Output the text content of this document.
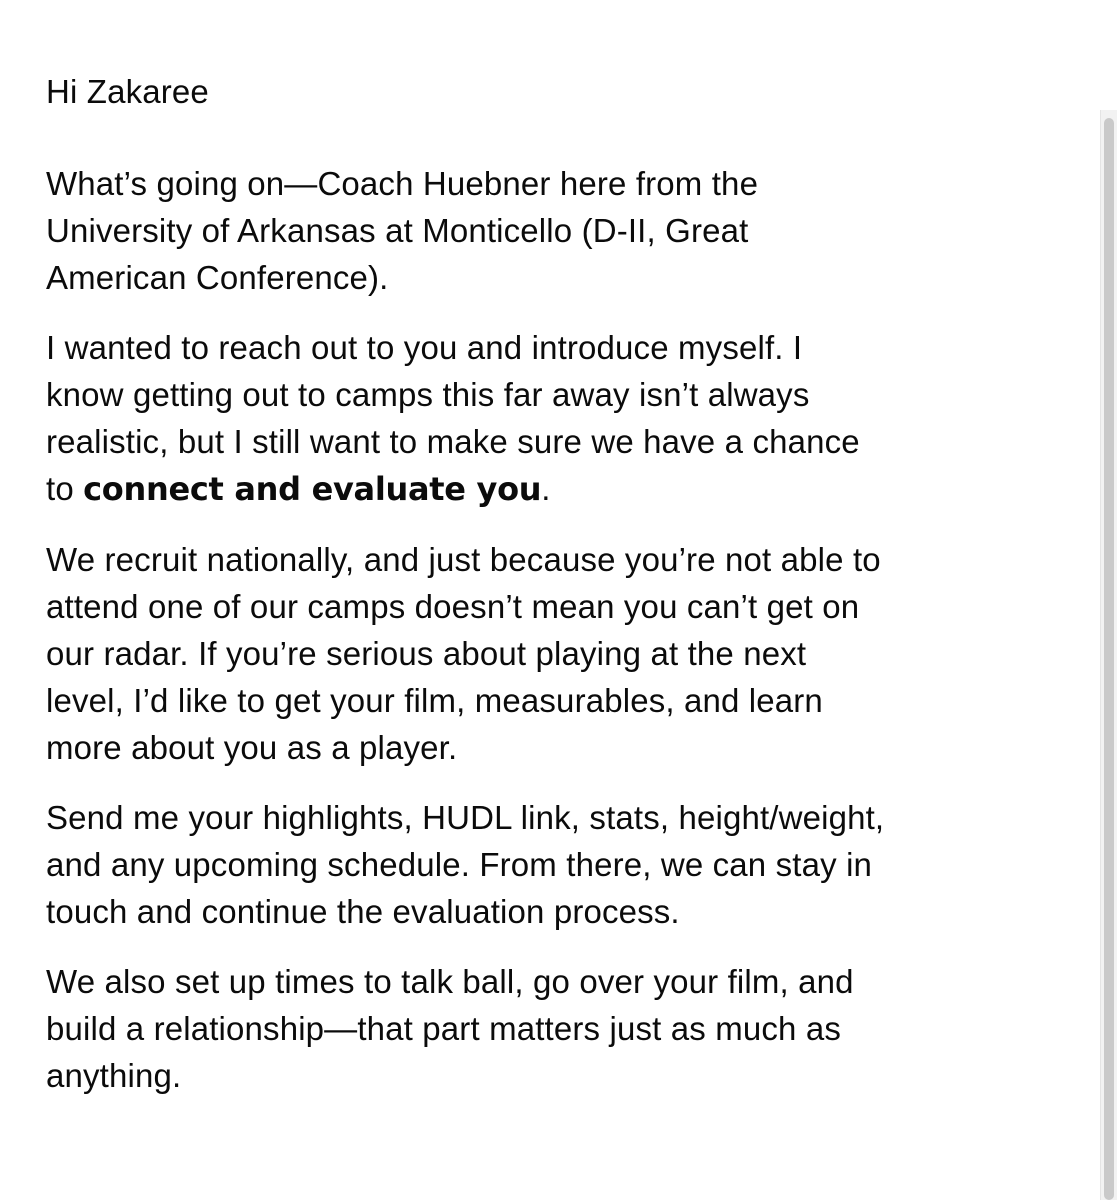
Hi Zakaree

What’s going on—Coach Huebner here from the
University of Arkansas at Monticello (D-II, Great
American Conference).

I wanted to reach out to you and introduce myself. I
know getting out to camps this far away isn’t always
realistic, but I still want to make sure we have a chance
to connect and evaluate you.

We recruit nationally, and just because you’re not able to
attend one of our camps doesn’t mean you can’t get on
our radar. If you’re serious about playing at the next
level, I’d like to get your film, measurables, and learn
more about you as a player.

Send me your highlights, HUDL link, stats, height/weight,
and any upcoming schedule. From there, we can stay in
touch and continue the evaluation process.

We also set up times to talk ball, go over your film, and
build a relationship—that part matters just as much as
anything.
